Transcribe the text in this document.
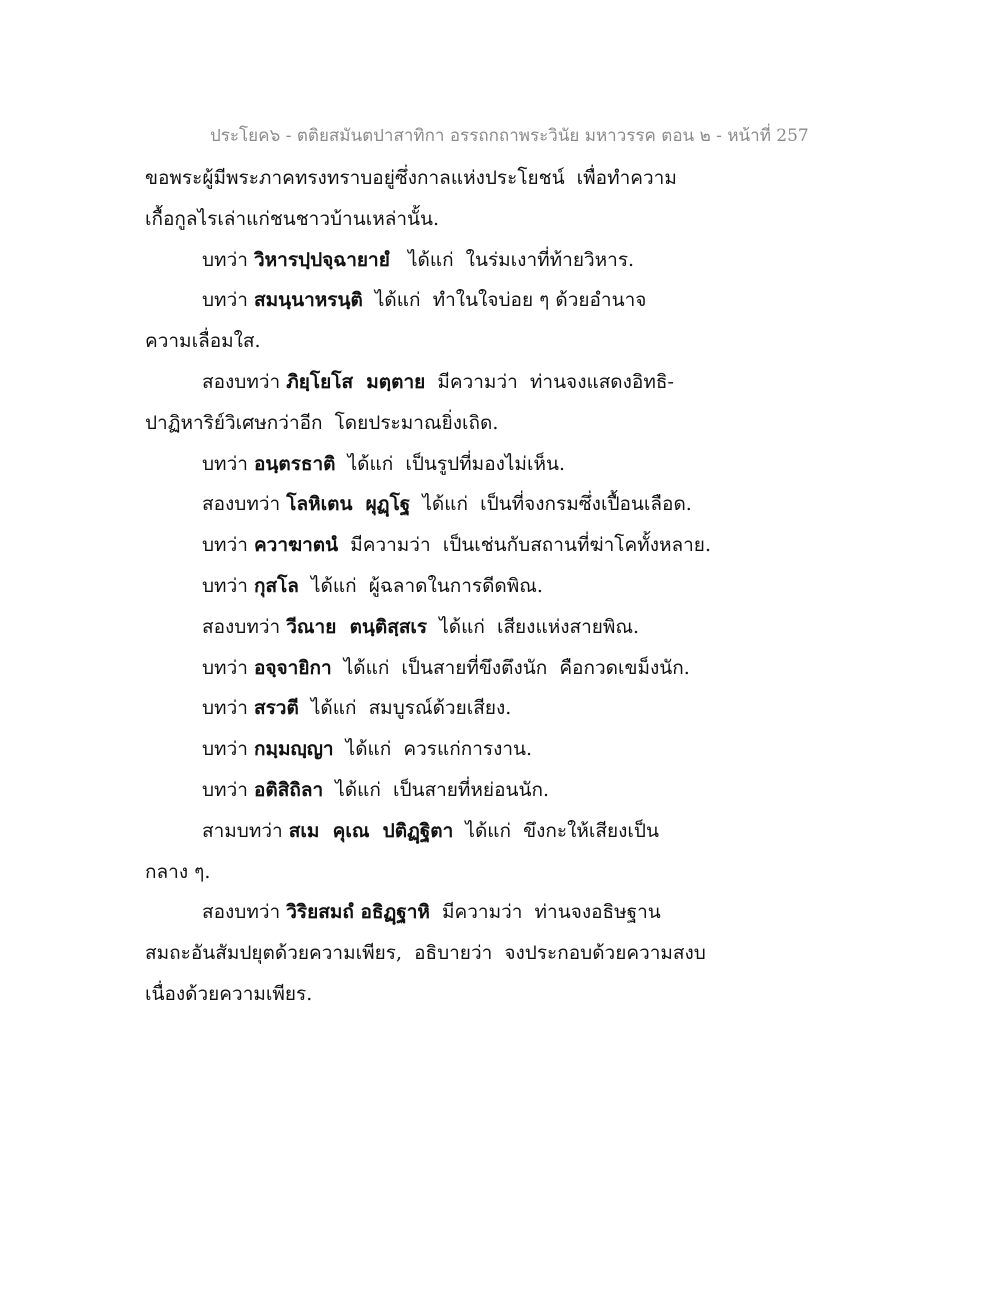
ประโยค๖ - ตติยสมันตปาสาทิกา อรรถกถาพระวินัย มหาวรรค ตอน ๒ - หน้าที่ 257
ขอพระผู้มีพระภาคทรงทราบอยู่ซึ่งกาลแห่งประโยชน์  เพื่อทำความ
เกื้อกูลไรเล่าแก่ชนชาวบ้านเหล่านั้น.
บทว่า วิหารปฺปจฺฉายายํ   ได้แก่  ในร่มเงาที่ท้ายวิหาร.
บทว่า สมนฺนาหรนฺติ  ได้แก่  ทำในใจบ่อย ๆ ด้วยอำนาจ
ความเลื่อมใส.
สองบทว่า ภิยฺโยโส  มตฺตาย  มีความว่า  ท่านจงแสดงอิทธิ-
ปาฏิหาริย์วิเศษกว่าอีก  โดยประมาณยิ่งเถิด.
บทว่า อนฺตรธาติ  ได้แก่  เป็นรูปที่มองไม่เห็น.
สองบทว่า โลหิเตน  ผุฏฺโฐ  ได้แก่  เป็นที่จงกรมซึ่งเปื้อนเลือด.
บทว่า ควาฆาตนํ  มีความว่า  เป็นเช่นกับสถานที่ฆ่าโคทั้งหลาย.
บทว่า กุสโล  ได้แก่  ผู้ฉลาดในการดีดพิณ.
สองบทว่า วีณาย  ตนฺติสฺสเร  ได้แก่  เสียงแห่งสายพิณ.
บทว่า อจฺจายิกา  ได้แก่  เป็นสายที่ขึงตึงนัก  คือกวดเขม็งนัก.
บทว่า สรวตี  ได้แก่  สมบูรณ์ด้วยเสียง.
บทว่า กมฺมญฺญา  ได้แก่  ควรแก่การงาน.
บทว่า อติสิถิลา  ได้แก่  เป็นสายที่หย่อนนัก.
สามบทว่า สเม  คุเณ  ปติฏฺฐิตา  ได้แก่  ขึงกะให้เสียงเป็น
กลาง ๆ.
สองบทว่า วิริยสมถํ อธิฏฺฐาหิ  มีความว่า  ท่านจงอธิษฐาน
สมถะอันสัมปยุตด้วยความเพียร,  อธิบายว่า  จงประกอบด้วยความสงบ
เนื่องด้วยความเพียร.
